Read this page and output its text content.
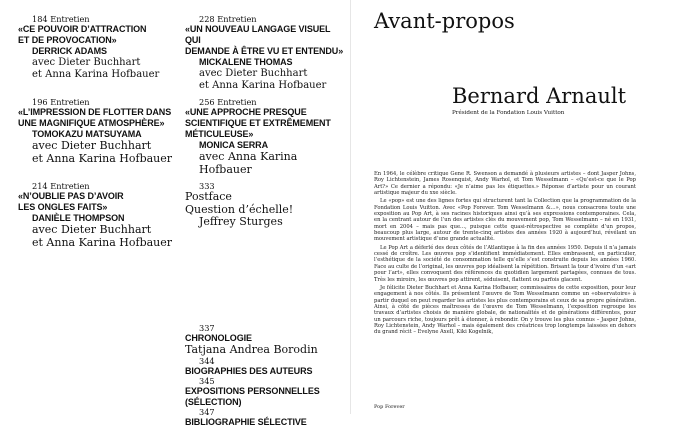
184 Entretien
«CE POUVOIR D’ATTRACTION
ET DE PROVOCATION»
DERRICK ADAMS
avec Dieter Buchhart
et Anna Karina Hofbauer
196 Entretien
«L’IMPRESSION DE FLOTTER DANS
UNE MAGNIFIQUE ATMOSPHÈRE»
TOMOKAZU MATSUYAMA
avec Dieter Buchhart
et Anna Karina Hofbauer
214 Entretien
«N’OUBLIE PAS D’AVOIR
LES ONGLES FAITS»
DANIÈLE THOMPSON
avec Dieter Buchhart
et Anna Karina Hofbauer
228 Entretien
«UN NOUVEAU LANGAGE VISUEL QUI
DEMANDE À ÊTRE VU ET ENTENDU»
MICKALENE THOMAS
avec Dieter Buchhart
et Anna Karina Hofbauer
256 Entretien
«UNE APPROCHE PRESQUE
SCIENTIFIQUE ET EXTRÊMEMENT
MÉTICULEUSE»
MONICA SERRA
avec Anna Karina Hofbauer
333
Postface
Question d’échelle!
Jeffrey Sturges
337
CHRONOLOGIE
Tatjana Andrea Borodin
344
BIOGRAPHIES DES AUTEURS
345
EXPOSITIONS PERSONNELLES
(SÉLECTION)
347
BIBLIOGRAPHIE SÉLECTIVE
Avant-propos
Bernard Arnault
Président de la Fondation Louis Vuitton

En 1964, le célèbre critique Gene R. Swenson a demandé à plusieurs artistes – dont Jasper Johns, Roy Lichtenstein, James Rosenquist, Andy Warhol, et Tom Wesselmann – «Qu’est-ce que le Pop Art?» Ce dernier a répondu: «Je n’aime pas les étiquettes.» Réponse d’artiste pour un courant artistique majeur du xxe siècle.

Le «pop» est une des lignes fortes qui structurent tant la Collection que la programmation de la Fondation Louis Vuitton. Avec «Pop Forever. Tom Wesselmann &...», nous consacrons toute une exposition au Pop Art, à ses racines historiques ainsi qu’à ses expressions contemporaines. Cela, en la centrant autour de l’un des artistes clés du mouvement pop, Tom Wesselmann – né en 1931, mort en 2004 – mais pas que..., puisque cette quasi-rétrospective se complète d’un propos, beaucoup plus large, autour de trente-cinq artistes des années 1920 à aujourd’hui, révélant un mouvement artistique d’une grande actualité.

Le Pop Art a déferlé des deux côtés de l’Atlantique à la fin des années 1950. Depuis il n’a jamais cessé de croître. Les œuvres pop s’identifient immédiatement. Elles embrassent, en particulier, l’esthétique de la société de consommation telle qu’elle s’est construite depuis les années 1960. Face au culte de l’original, les œuvres pop idéalisent la répétition. Brisant la tour d’ivoire d’un «art pour l’art», elles convoquent des références du quotidien largement partagées, connues de tous. Très les miroirs, les œuvres pop attirent, séduisent, flattent ou parfois glacent.

Je félicite Dieter Buchhart et Anna Karina Hofbauer, commissaires de cette exposition, pour leur engagement à nos côtés. Ils présentent l’œuvre de Tom Wesselmann comme un «observatoire» à partir duquel on peut regarder les artistes les plus contemporains et ceux de sa propre génération. Ainsi, à côté de pièces maîtresses de l’œuvre de Tom Wesselmann, l’exposition regroupe les travaux d’artistes choisis de manière globale, de nationalités et de générations différentes, pour un parcours riche, toujours prêt à étonner, à rebondir. On y trouve les plus connus – Jasper Johns, Roy Lichtenstein, Andy Warhol – mais également des créatrices trop longtemps laissées en dehors du grand récit – Evelyne Axell, Kiki Kogelnik,

Pop Forever
